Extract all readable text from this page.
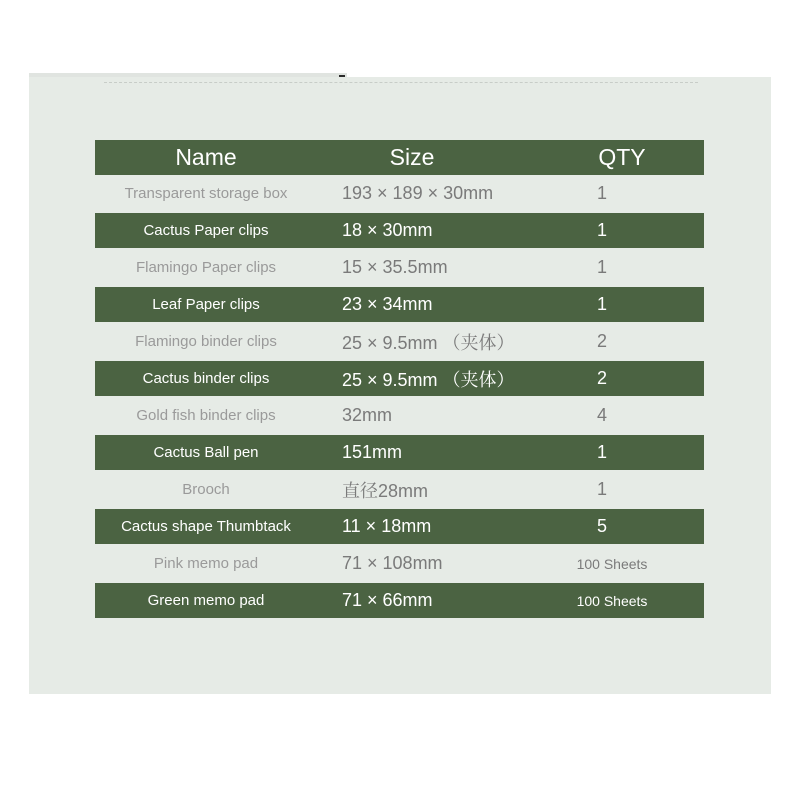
Name	Size	QTY
Transparent storage box	193 × 189 × 30mm	1
Cactus Paper clips	18 × 30mm	1
Flamingo Paper clips	15 × 35.5mm	1
Leaf Paper clips	23 × 34mm	1
Flamingo binder clips	25 × 9.5mm （夹体）	2
Cactus binder clips	25 × 9.5mm （夹体）	2
Gold fish binder clips	32mm	4
Cactus Ball pen	151mm	1
Brooch	直径28mm	1
Cactus shape Thumbtack	11 × 18mm	5
Pink memo pad	71 × 108mm	100 Sheets
Green memo pad	71 × 66mm	100 Sheets
